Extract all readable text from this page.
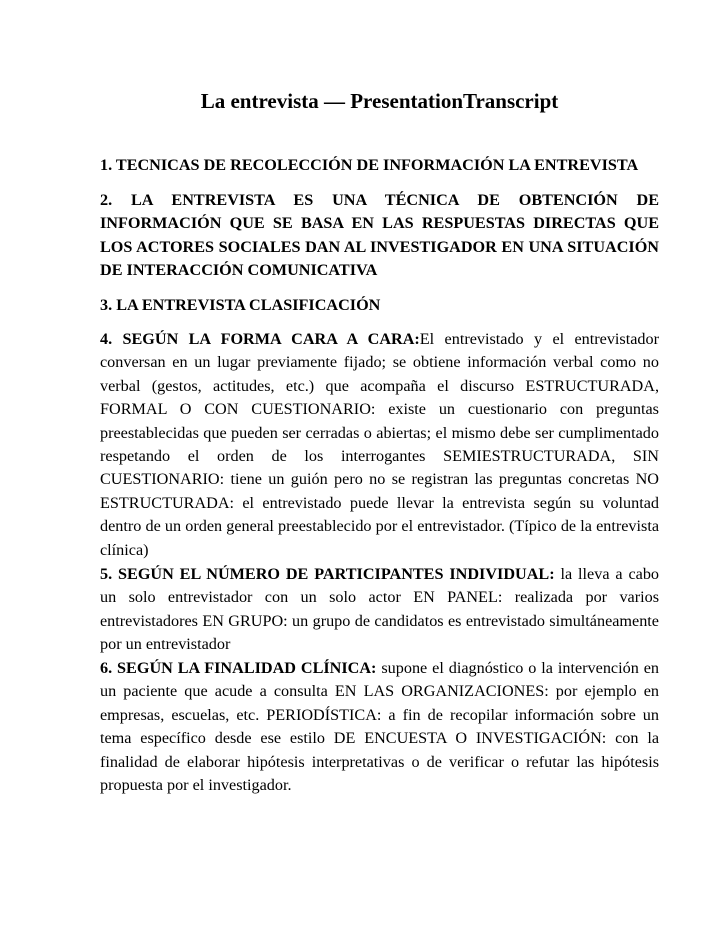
La entrevista — PresentationTranscript
1. TECNICAS DE RECOLECCIÓN DE INFORMACIÓN LA ENTREVISTA
2. LA ENTREVISTA ES UNA TÉCNICA DE OBTENCIÓN DE INFORMACIÓN QUE SE BASA EN LAS RESPUESTAS DIRECTAS QUE LOS ACTORES SOCIALES DAN AL INVESTIGADOR EN UNA SITUACIÓN DE INTERACCIÓN COMUNICATIVA
3. LA ENTREVISTA CLASIFICACIÓN
4. SEGÚN LA FORMA CARA A CARA:El entrevistado y el entrevistador conversan en un lugar previamente fijado; se obtiene información verbal como no verbal (gestos, actitudes, etc.) que acompaña el discurso ESTRUCTURADA, FORMAL O CON CUESTIONARIO: existe un cuestionario con preguntas preestablecidas que pueden ser cerradas o abiertas; el mismo debe ser cumplimentado respetando el orden de los interrogantes SEMIESTRUCTURADA, SIN CUESTIONARIO: tiene un guión pero no se registran las preguntas concretas NO ESTRUCTURADA: el entrevistado puede llevar la entrevista según su voluntad dentro de un orden general preestablecido por el entrevistador. (Típico de la entrevista clínica)
5. SEGÚN EL NÚMERO DE PARTICIPANTES INDIVIDUAL: la lleva a cabo un solo entrevistador con un solo actor EN PANEL: realizada por varios entrevistadores EN GRUPO: un grupo de candidatos es entrevistado simultáneamente por un entrevistador
6. SEGÚN LA FINALIDAD CLÍNICA: supone el diagnóstico o la intervención en un paciente que acude a consulta EN LAS ORGANIZACIONES: por ejemplo en empresas, escuelas, etc. PERIODÍSTICA: a fin de recopilar información sobre un tema específico desde ese estilo DE ENCUESTA O INVESTIGACIÓN: con la finalidad de elaborar hipótesis interpretativas o de verificar o refutar las hipótesis propuesta por el investigador.
